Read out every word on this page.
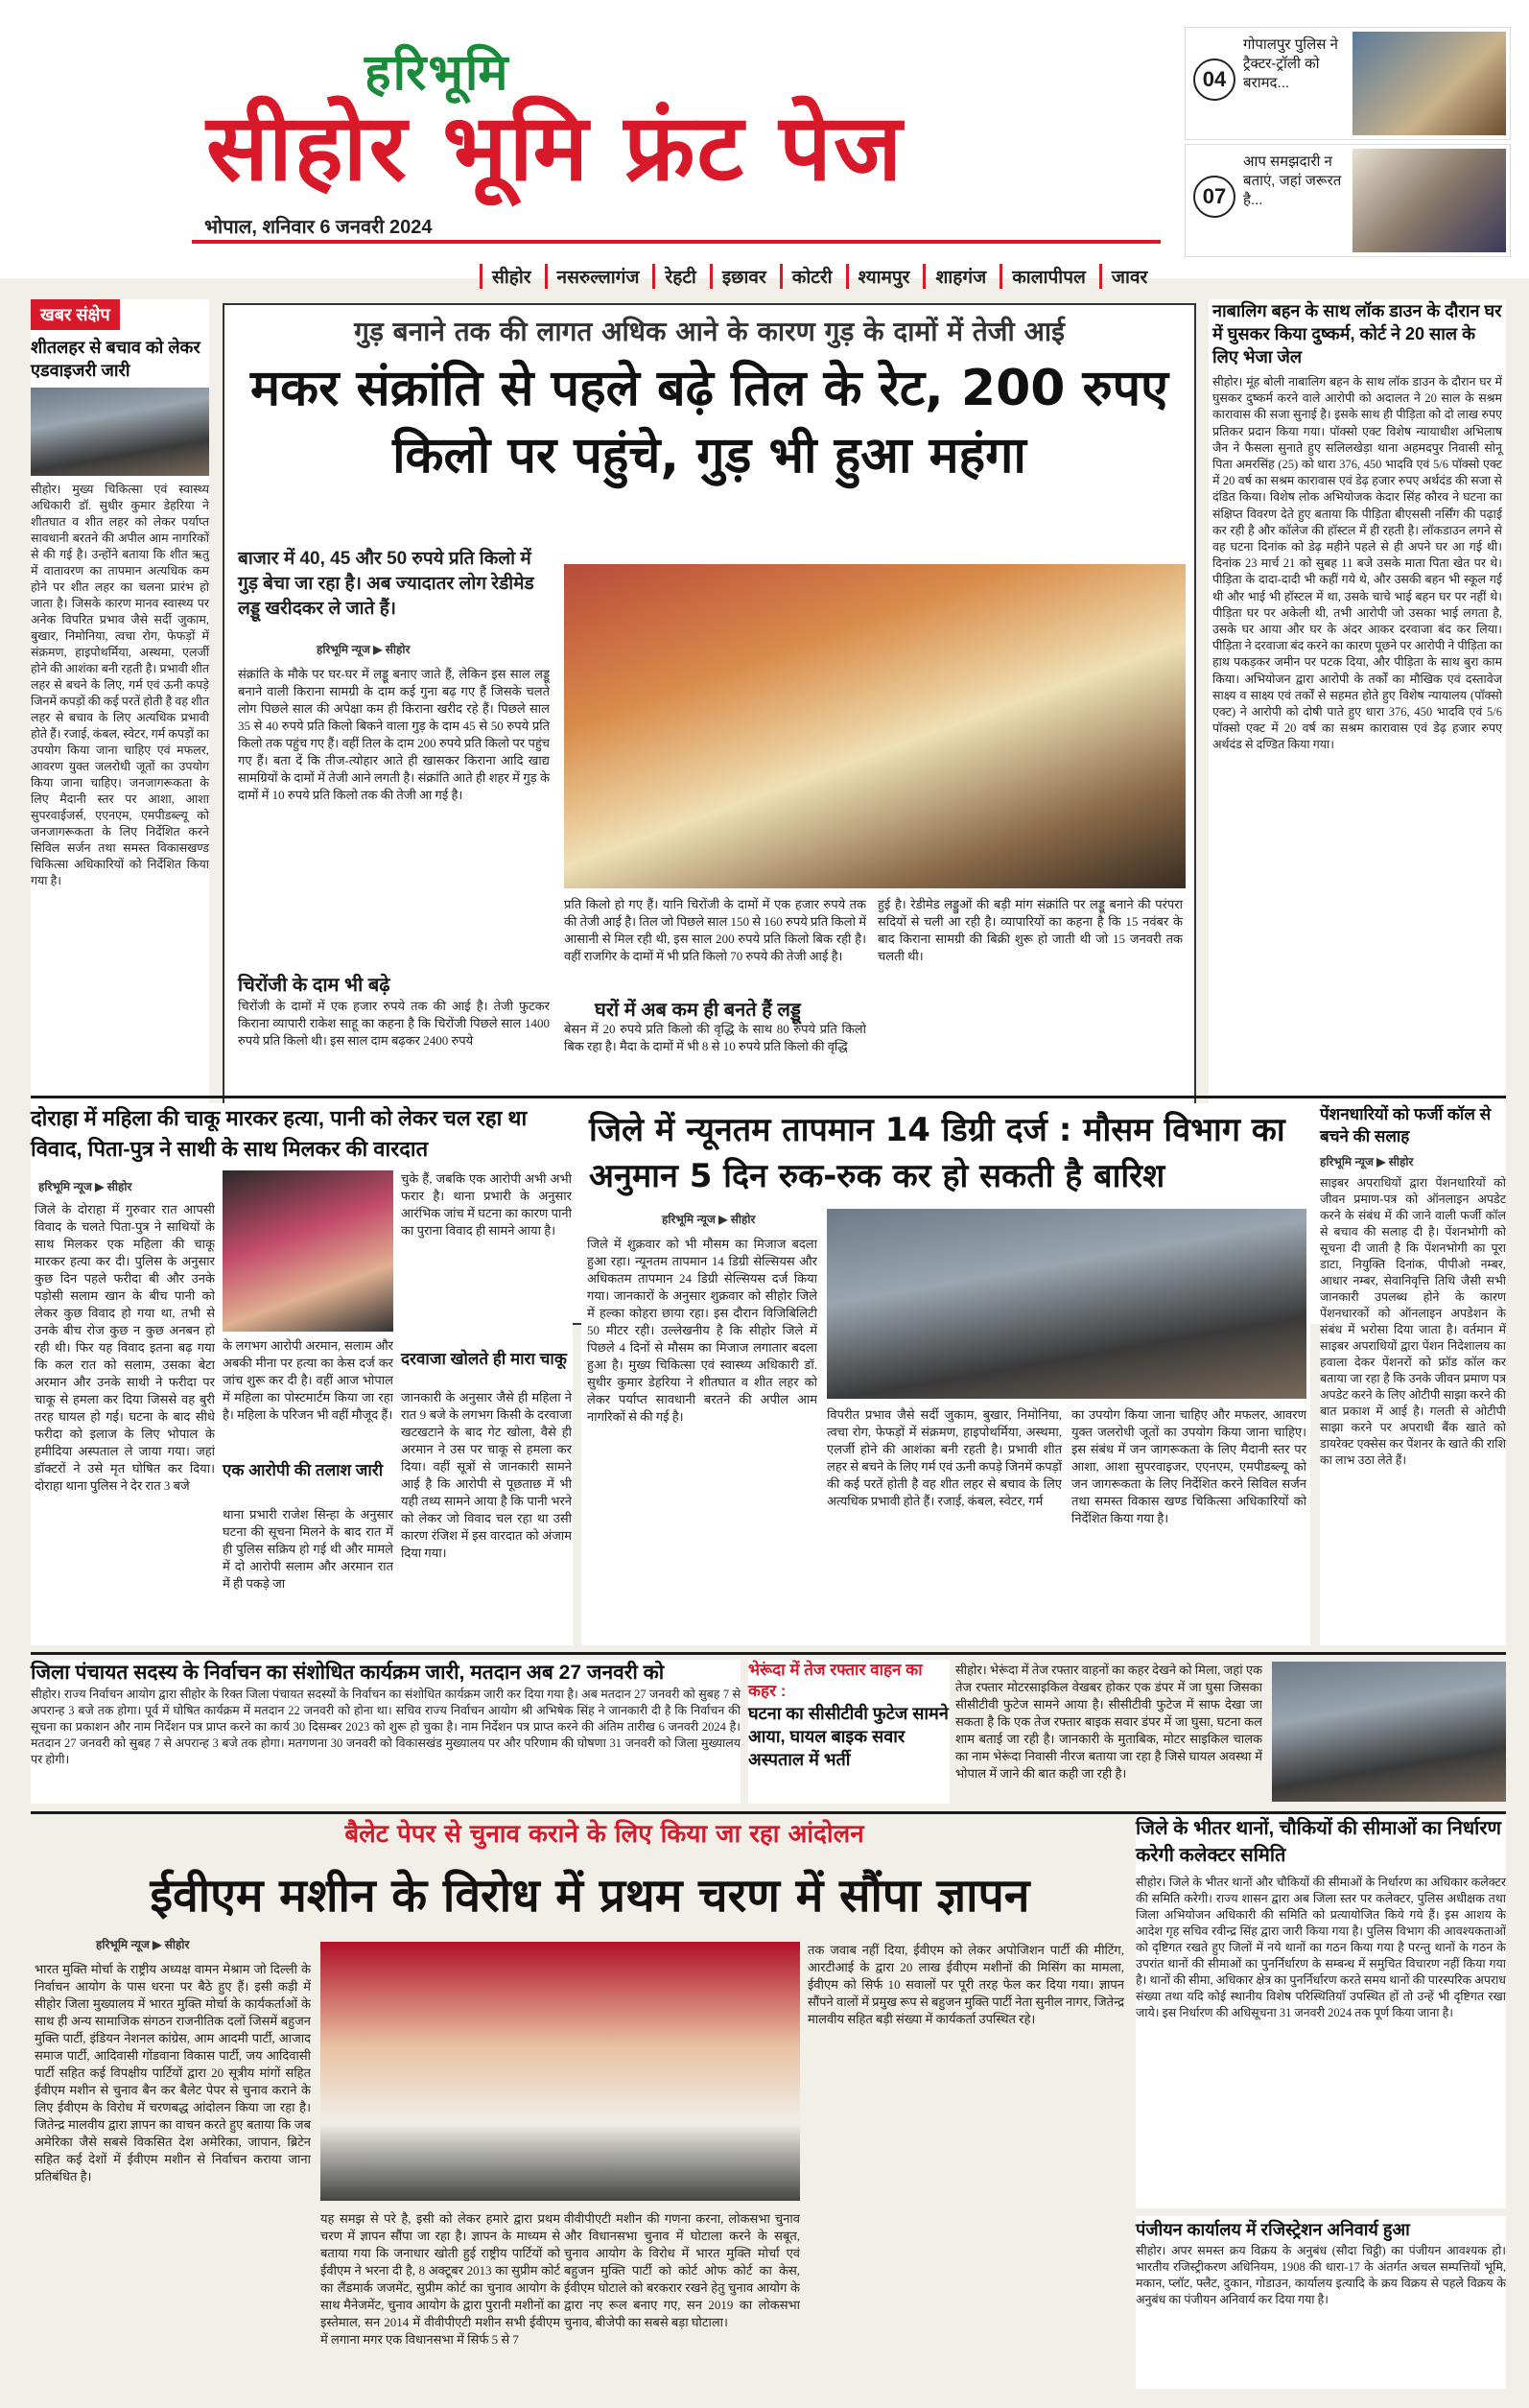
हरिभूमि
सीहोर भूमि फ्रंट पेज
भोपाल, शनिवार 6 जनवरी 2024
सीहोर	नसरुल्लागंज	रेहटी	इछावर	कोटरी	श्यामपुर	शाहगंज	कालापीपल	जावर
04
गोपालपुर पुलिस ने ट्रैक्टर-ट्रॉली को बरामद...
07
आप समझदारी न बताएं, जहां जरूरत है...
खबर संक्षेप
शीतलहर से बचाव को लेकर एडवाइजरी जारी
सीहोर। मुख्य चिकित्सा एवं स्वास्थ्य अधिकारी डॉ. सुधीर कुमार डेहरिया ने शीतघात व शीत लहर को लेकर पर्याप्त सावधानी बरतने की अपील आम नागरिकों से की गई है। उन्होंने बताया कि शीत ऋतु में वातावरण का तापमान अत्यधिक कम होने पर शीत लहर का चलना प्रारंभ हो जाता है। जिसके कारण मानव स्वास्थ्य पर अनेक विपरित प्रभाव जैसे सर्दी जुकाम, बुखार, निमोनिया, त्वचा रोग, फेफड़ों में संक्रमण, हाइपोथर्मिया, अस्थमा, एलर्जी होने की आशंका बनी रहती है। प्रभावी शीत लहर से बचने के लिए, गर्म एवं ऊनी कपड़े जिनमें कपड़ों की कई परतें होती है वह शीत लहर से बचाव के लिए अत्यधिक प्रभावी होते हैं। रजाई, कंबल, स्वेटर, गर्म कपड़ों का उपयोग किया जाना चाहिए एवं मफलर, आवरण युक्त जलरोधी जूतों का उपयोग किया जाना चाहिए। जनजागरूकता के लिए मैदानी स्तर पर आशा, आशा सुपरवाईजर्स, एएनएम, एमपीडब्ल्यू को जनजागरूकता के लिए निर्देशित करने सिविल सर्जन तथा समस्त विकासखण्ड चिकित्सा अधिकारियों को निर्देशित किया गया है।
गुड़ बनाने तक की लागत अधिक आने के कारण गुड़ के दामों में तेजी आई
मकर संक्रांति से पहले बढ़े तिल के रेट, 200 रुपए किलो पर पहुंचे, गुड़ भी हुआ महंगा
बाजार में 40, 45 और 50 रुपये प्रति किलो में गुड़ बेचा जा रहा है। अब ज्यादातर लोग रेडीमेड लड्डू खरीदकर ले जाते हैं।
हरिभूमि न्यूज ▶ सीहोर
संक्रांति के मौके पर घर-घर में लड्डू बनाए जाते हैं, लेकिन इस साल लड्डू बनाने वाली किराना सामग्री के दाम कई गुना बढ़ गए हैं जिसके चलते लोग पिछले साल की अपेक्षा कम ही किराना खरीद रहे हैं। पिछले साल 35 से 40 रुपये प्रति किलो बिकने वाला गुड़ के दाम 45 से 50 रुपये प्रति किलो तक पहुंच गए हैं। वहीं तिल के दाम 200 रुपये प्रति किलो पर पहुंच गए हैं। बता दें कि तीज-त्योहार आते ही खासकर किराना आदि खाद्य सामग्रियों के दामों में तेजी आने लगती है। संक्रांति आते ही शहर में गुड़ के दामों में 10 रुपये प्रति किलो तक की तेजी आ गई है।
चिरोंजी के दाम भी बढ़े
चिरोंजी के दामों में एक हजार रुपये तक की आई है। तेजी फुटकर किराना व्यापारी राकेश साहू का कहना है कि चिरोंजी पिछले साल 1400 रुपये प्रति किलो थी। इस साल दाम बढ़कर 2400 रुपये
प्रति किलो हो गए हैं। यानि चिरोंजी के दामों में एक हजार रुपये तक की तेजी आई है। तिल जो पिछले साल 150 से 160 रुपये प्रति किलो में आसानी से मिल रही थी, इस साल 200 रुपये प्रति किलो बिक रही है। वहीं राजगिर के दामों में भी प्रति किलो 70 रुपये की तेजी आई है।
घरों में अब कम ही बनते हैं लड्डू
बेसन में 20 रुपये प्रति किलो की वृद्धि के साथ 80 रुपये प्रति किलो बिक रहा है। मैदा के दामों में भी 8 से 10 रुपये प्रति किलो की वृद्धि
हुई है। रेडीमेड लड्डुओं की बड़ी मांग संक्रांति पर लड्डू बनाने की परंपरा सदियों से चली आ रही है। व्यापारियों का कहना है कि 15 नवंबर के बाद किराना सामग्री की बिक्री शुरू हो जाती थी जो 15 जनवरी तक चलती थी।
नाबालिग बहन के साथ लॉक डाउन के दौरान घर में घुसकर किया दुष्कर्म, कोर्ट ने 20 साल के लिए भेजा जेल
सीहोर। मूंह बोली नाबालिग बहन के साथ लॉक डाउन के दौरान घर में घुसकर दुष्कर्म करने वाले आरोपी को अदालत ने 20 साल के सश्रम कारावास की सजा सुनाई है। इसके साथ ही पीड़िता को दो लाख रुपए प्रतिकर प्रदान किया गया। पॉक्सो एक्ट विशेष न्यायाधीश अभिलाष जैन ने फैसला सुनाते हुए सलिलखेड़ा थाना अहमदपुर निवासी सोनू पिता अमरसिंह (25) को धारा 376, 450 भादवि एवं 5/6 पॉक्सो एक्ट में 20 वर्ष का सश्रम कारावास एवं डेढ़ हजार रुपए अर्थदंड की सजा से दंडित किया। विशेष लोक अभियोजक केदार सिंह कौरव ने घटना का संक्षिप्त विवरण देते हुए बताया कि पीड़िता बीएससी नर्सिंग की पढ़ाई कर रही है और कॉलेज की हॉस्टल में ही रहती है। लॉकडाउन लगने से वह घटना दिनांक को डेढ़ महीने पहले से ही अपने घर आ गई थी। दिनांक 23 मार्च 21 को सुबह 11 बजे उसके माता पिता खेत पर थे। पीड़िता के दादा-दादी भी कहीं गये थे, और उसकी बहन भी स्कूल गई थी और भाई भी हॉस्टल में था, उसके चाचे भाई बहन घर पर नहीं थे। पीड़िता घर पर अकेली थी, तभी आरोपी जो उसका भाई लगता है, उसके घर आया और घर के अंदर आकर दरवाजा बंद कर लिया। पीड़िता ने दरवाजा बंद करने का कारण पूछने पर आरोपी ने पीड़िता का हाथ पकड़कर जमीन पर पटक दिया, और पीड़िता के साथ बुरा काम किया। अभियोजन द्वारा आरोपी के तर्कों का मौखिक एवं दस्तावेज साक्ष्य व साक्ष्य एवं तर्कों से सहमत होते हुए विशेष न्यायालय (पॉक्सो एक्ट) ने आरोपी को दोषी पाते हुए धारा 376, 450 भादवि एवं 5/6 पॉक्सो एक्ट में 20 वर्ष का सश्रम कारावास एवं डेढ़ हजार रुपए अर्थदंड से दण्डित किया गया।
दोराहा में महिला की चाकू मारकर हत्या, पानी को लेकर चल रहा था विवाद, पिता-पुत्र ने साथी के साथ मिलकर की वारदात
हरिभूमि न्यूज ▶ सीहोर
जिले के दोराहा में गुरुवार रात आपसी विवाद के चलते पिता-पुत्र ने साथियों के साथ मिलकर एक महिला की चाकू मारकर हत्या कर दी। पुलिस के अनुसार कुछ दिन पहले फरीदा बी और उनके पड़ोसी सलाम खान के बीच पानी को लेकर कुछ विवाद हो गया था, तभी से उनके बीच रोज कुछ न कुछ अनबन हो रही थी। फिर यह विवाद इतना बढ़ गया कि कल रात को सलाम, उसका बेटा अरमान और उनके साथी ने फरीदा पर चाकू से हमला कर दिया जिससे वह बुरी तरह घायल हो गई। घटना के बाद सीधे फरीदा को इलाज के लिए भोपाल के हमीदिया अस्पताल ले जाया गया। जहां डॉक्टरों ने उसे मृत घोषित कर दिया। दोराहा थाना पुलिस ने देर रात 3 बजे
के लगभग आरोपी अरमान, सलाम और अबकी मीना पर हत्या का केस दर्ज कर जांच शुरू कर दी है। वहीं आज भोपाल में महिला का पोस्टमार्टम किया जा रहा है। महिला के परिजन भी वहीं मौजूद हैं।
एक आरोपी की तलाश जारी
थाना प्रभारी राजेश सिन्हा के अनुसार घटना की सूचना मिलने के बाद रात में ही पुलिस सक्रिय हो गई थी और मामले में दो आरोपी सलाम और अरमान रात में ही पकड़े जा
चुके हैं, जबकि एक आरोपी अभी अभी फरार है। थाना प्रभारी के अनुसार आरंभिक जांच में घटना का कारण पानी का पुराना विवाद ही सामने आया है।
दरवाजा खोलते ही मारा चाकू
जानकारी के अनुसार जैसे ही महिला ने रात 9 बजे के लगभग किसी के दरवाजा खटखटाने के बाद गेट खोला, वैसे ही अरमान ने उस पर चाकू से हमला कर दिया। वहीं सूत्रों से जानकारी सामने आई है कि आरोपी से पूछताछ में भी यही तथ्य सामने आया है कि पानी भरने को लेकर जो विवाद चल रहा था उसी कारण रंजिश में इस वारदात को अंजाम दिया गया।
जिले में न्यूनतम तापमान 14 डिग्री दर्ज : मौसम विभाग का अनुमान 5 दिन रुक-रुक कर हो सकती है बारिश
हरिभूमि न्यूज ▶ सीहोर
जिले में शुक्रवार को भी मौसम का मिजाज बदला हुआ रहा। न्यूनतम तापमान 14 डिग्री सेल्सियस और अधिकतम तापमान 24 डिग्री सेल्सियस दर्ज किया गया। जानकारों के अनुसार शुक्रवार को सीहोर जिले में हल्का कोहरा छाया रहा। इस दौरान विजिबिलिटी 50 मीटर रही। उल्लेखनीय है कि सीहोर जिले में पिछले 4 दिनों से मौसम का मिजाज लगातार बदला हुआ है। मुख्य चिकित्सा एवं स्वास्थ्य अधिकारी डॉ. सुधीर कुमार डेहरिया ने शीतघात व शीत लहर को लेकर पर्याप्त सावधानी बरतने की अपील आम नागरिकों से की गई है।	विपरीत प्रभाव जैसे सर्दी जुकाम, बुखार, निमोनिया, त्वचा रोग, फेफड़ों में संक्रमण, हाइपोथर्मिया, अस्थमा, एलर्जी होने की आशंका बनी रहती है। प्रभावी शीत लहर से बचने के लिए गर्म एवं ऊनी कपड़े जिनमें कपड़ों की कई परतें होती है वह शीत लहर से बचाव के लिए अत्यधिक प्रभावी होते हैं। रजाई, कंबल, स्वेटर, गर्म
का उपयोग किया जाना चाहिए और मफलर, आवरण युक्त जलरोधी जूतों का उपयोग किया जाना चाहिए। इस संबंध में जन जागरूकता के लिए मैदानी स्तर पर आशा, आशा सुपरवाइजर, एएनएम, एमपीडब्ल्यू को जन जागरूकता के लिए निर्देशित करने सिविल सर्जन तथा समस्त विकास खण्ड चिकित्सा अधिकारियों को निर्देशित किया गया है।
पेंशनधारियों को फर्जी कॉल से बचने की सलाह
हरिभूमि न्यूज ▶ सीहोर
साइबर अपराधियों द्वारा पेंशनधारियों को जीवन प्रमाण-पत्र को ऑनलाइन अपडेट करने के संबंध में की जाने वाली फर्जी कॉल से बचाव की सलाह दी है। पेंशनभोगी को सूचना दी जाती है कि पेंशनभोगी का पूरा डाटा, नियुक्ति दिनांक, पीपीओ नम्बर, आधार नम्बर, सेवानिवृत्ति तिथि जैसी सभी जानकारी उपलब्ध होने के कारण पेंशनधारकों को ऑनलाइन अपडेशन के संबंध में भरोसा दिया जाता है। वर्तमान में साइबर अपराधियों द्वारा पेंशन निदेशालय का हवाला देकर पेंशनरों को फ्रॉड कॉल कर बताया जा रहा है कि उनके जीवन प्रमाण पत्र अपडेट करने के लिए ओटीपी साझा करने की बात प्रकाश में आई है। गलती से ओटीपी साझा करने पर अपराधी बैंक खाते को डायरेक्ट एक्सेस कर पेंशनर के खाते की राशि का लाभ उठा लेते हैं।
जिला पंचायत सदस्य के निर्वाचन का संशोधित कार्यक्रम जारी, मतदान अब 27 जनवरी को
सीहोर। राज्य निर्वाचन आयोग द्वारा सीहोर के रिक्त जिला पंचायत सदस्यों के निर्वाचन का संशोधित कार्यक्रम जारी कर दिया गया है। अब मतदान 27 जनवरी को सुबह 7 से अपरान्ह 3 बजे तक होगा। पूर्व में घोषित कार्यक्रम में मतदान 22 जनवरी को होना था। सचिव राज्य निर्वाचन आयोग श्री अभिषेक सिंह ने जानकारी दी है कि निर्वाचन की सूचना का प्रकाशन और नाम निर्देशन पत्र प्राप्त करने का कार्य 30 दिसम्बर 2023 को शुरू हो चुका है। नाम निर्देशन पत्र प्राप्त करने की अंतिम तारीख 6 जनवरी 2024 है। मतदान 27 जनवरी को सुबह 7 से अपरान्ह 3 बजे तक होगा। मतगणना 30 जनवरी को विकासखंड मुख्यालय पर और परिणाम की घोषणा 31 जनवरी को जिला मुख्यालय पर होगी।
भेरूंदा में तेज रफ्तार वाहन का कहर :
घटना का सीसीटीवी फुटेज सामने आया, घायल बाइक सवार अस्पताल में भर्ती
सीहोर। भेरूंदा में तेज रफ्तार वाहनों का कहर देखने को मिला, जहां एक तेज रफ्तार मोटरसाइकिल वेखबर होकर एक डंपर में जा घुसा जिसका सीसीटीवी फुटेज सामने आया है। सीसीटीवी फुटेज में साफ देखा जा सकता है कि एक तेज रफ्तार बाइक सवार डंपर में जा घुसा, घटना कल शाम बताई जा रही है। जानकारी के मुताबिक, मोटर साइकिल चालक का नाम भेरूंदा निवासी नीरज बताया जा रहा है जिसे घायल अवस्था में भोपाल में जाने की बात कही जा रही है।
बैलेट पेपर से चुनाव कराने के लिए किया जा रहा आंदोलन
ईवीएम मशीन के विरोध में प्रथम चरण में सौंपा ज्ञापन
हरिभूमि न्यूज ▶ सीहोर
भारत मुक्ति मोर्चा के राष्ट्रीय अध्यक्ष वामन मेश्राम जो दिल्ली के निर्वाचन आयोग के पास धरना पर बैठे हुए हैं। इसी कड़ी में सीहोर जिला मुख्यालय में भारत मुक्ति मोर्चा के कार्यकर्ताओं के साथ ही अन्य सामाजिक संगठन राजनीतिक दलों जिसमें बहुजन मुक्ति पार्टी, इंडियन नेशनल कांग्रेस, आम आदमी पार्टी, आजाद समाज पार्टी, आदिवासी गोंडवाना विकास पार्टी, जय आदिवासी पार्टी सहित कई विपक्षीय पार्टियों द्वारा 20 सूत्रीय मांगों सहित ईवीएम मशीन से चुनाव बैन कर बैलेट पेपर से चुनाव कराने के लिए ईवीएम के विरोध में चरणबद्ध आंदोलन किया जा रहा है। जितेन्द्र मालवीय द्वारा ज्ञापन का वाचन करते हुए बताया कि जब अमेरिका जैसे सबसे विकसित देश अमेरिका, जापान, ब्रिटेन सहित कई देशों में ईवीएम मशीन से निर्वाचन कराया जाना प्रतिबंधित है।
यह समझ से परे है, इसी को लेकर हमारे द्वारा प्रथम चरण में ज्ञापन सौंपा जा रहा है। ज्ञापन के माध्यम से बताया गया कि जनाधार खोती हुई राष्ट्रीय पार्टियों को ईवीएम ने भरना दी है, 8 अक्टूबर 2013 का सुप्रीम कोर्ट का लैंडमार्क जजमेंट, सुप्रीम कोर्ट का चुनाव आयोग के साथ मैनेजमेंट, चुनाव आयोग के द्वारा पुरानी मशीनों का इस्तेमाल, सन 2014 में वीवीपीएटी मशीन सभी ईवीएम में लगाना मगर एक विधानसभा में सिर्फ 5 से 7
वीवीपीएटी मशीन की गणना करना, लोकसभा चुनाव और विधानसभा चुनाव में घोटाला करने के सबूत, चुनाव आयोग के विरोध में भारत मुक्ति मोर्चा एवं बहुजन मुक्ति पार्टी को कोर्ट ओफ कोर्ट का केस, ईवीएम घोटाले को बरकरार रखने हेतु चुनाव आयोग के द्वारा नए रूल बनाए गए, सन 2019 का लोकसभा चुनाव, बीजेपी का सबसे बड़ा घोटाला।
तक जवाब नहीं दिया, ईवीएम को लेकर अपोजिशन पार्टी की मीटिंग, आरटीआई के द्वारा 20 लाख ईवीएम मशीनों की मिसिंग का मामला, ईवीएम को सिर्फ 10 सवालों पर पूरी तरह फेल कर दिया गया। ज्ञापन सौंपने वालों में प्रमुख रूप से बहुजन मुक्ति पार्टी नेता सुनील नागर, जितेन्द्र मालवीय सहित बड़ी संख्या में कार्यकर्ता उपस्थित रहे।
जिले के भीतर थानों, चौकियों की सीमाओं का निर्धारण करेगी कलेक्टर समिति
सीहोर। जिले के भीतर थानों और चौकियों की सीमाओं के निर्धारण का अधिकार कलेक्टर की समिति करेगी। राज्य शासन द्वारा अब जिला स्तर पर कलेक्टर, पुलिस अधीक्षक तथा जिला अभियोजन अधिकारी की समिति को प्रत्यायोजित किये गये हैं। इस आशय के आदेश गृह सचिव रवीन्द्र सिंह द्वारा जारी किया गया है। पुलिस विभाग की आवश्यकताओं को दृष्टिगत रखते हुए जिलों में नये थानों का गठन किया गया है परन्तु थानों के गठन के उपरांत थानों की सीमाओं का पुनर्निर्धारण के सम्बन्ध में समुचित विचारण नहीं किया गया है। थानों की सीमा, अधिकार क्षेत्र का पुनर्निर्धारण करते समय थानों की पारस्परिक अपराध संख्या तथा यदि कोई स्थानीय विशेष परिस्थितियाँ उपस्थित हों तो उन्हें भी दृष्टिगत रखा जाये। इस निर्धारण की अधिसूचना 31 जनवरी 2024 तक पूर्ण किया जाना है।
पंजीयन कार्यालय में रजिस्ट्रेशन अनिवार्य हुआ
सीहोर। अपर समस्त क्रय विक्रय के अनुबंध (सौदा चिट्ठी) का पंजीयन आवश्यक हो। भारतीय रजिस्ट्रीकरण अधिनियम, 1908 की धारा-17 के अंतर्गत अचल सम्पत्तियों भूमि, मकान, प्लॉट, फ्लैट, दुकान, गोडाउन, कार्यालय इत्यादि के क्रय विक्रय से पहले विक्रय के अनुबंध का पंजीयन अनिवार्य कर दिया गया है।
